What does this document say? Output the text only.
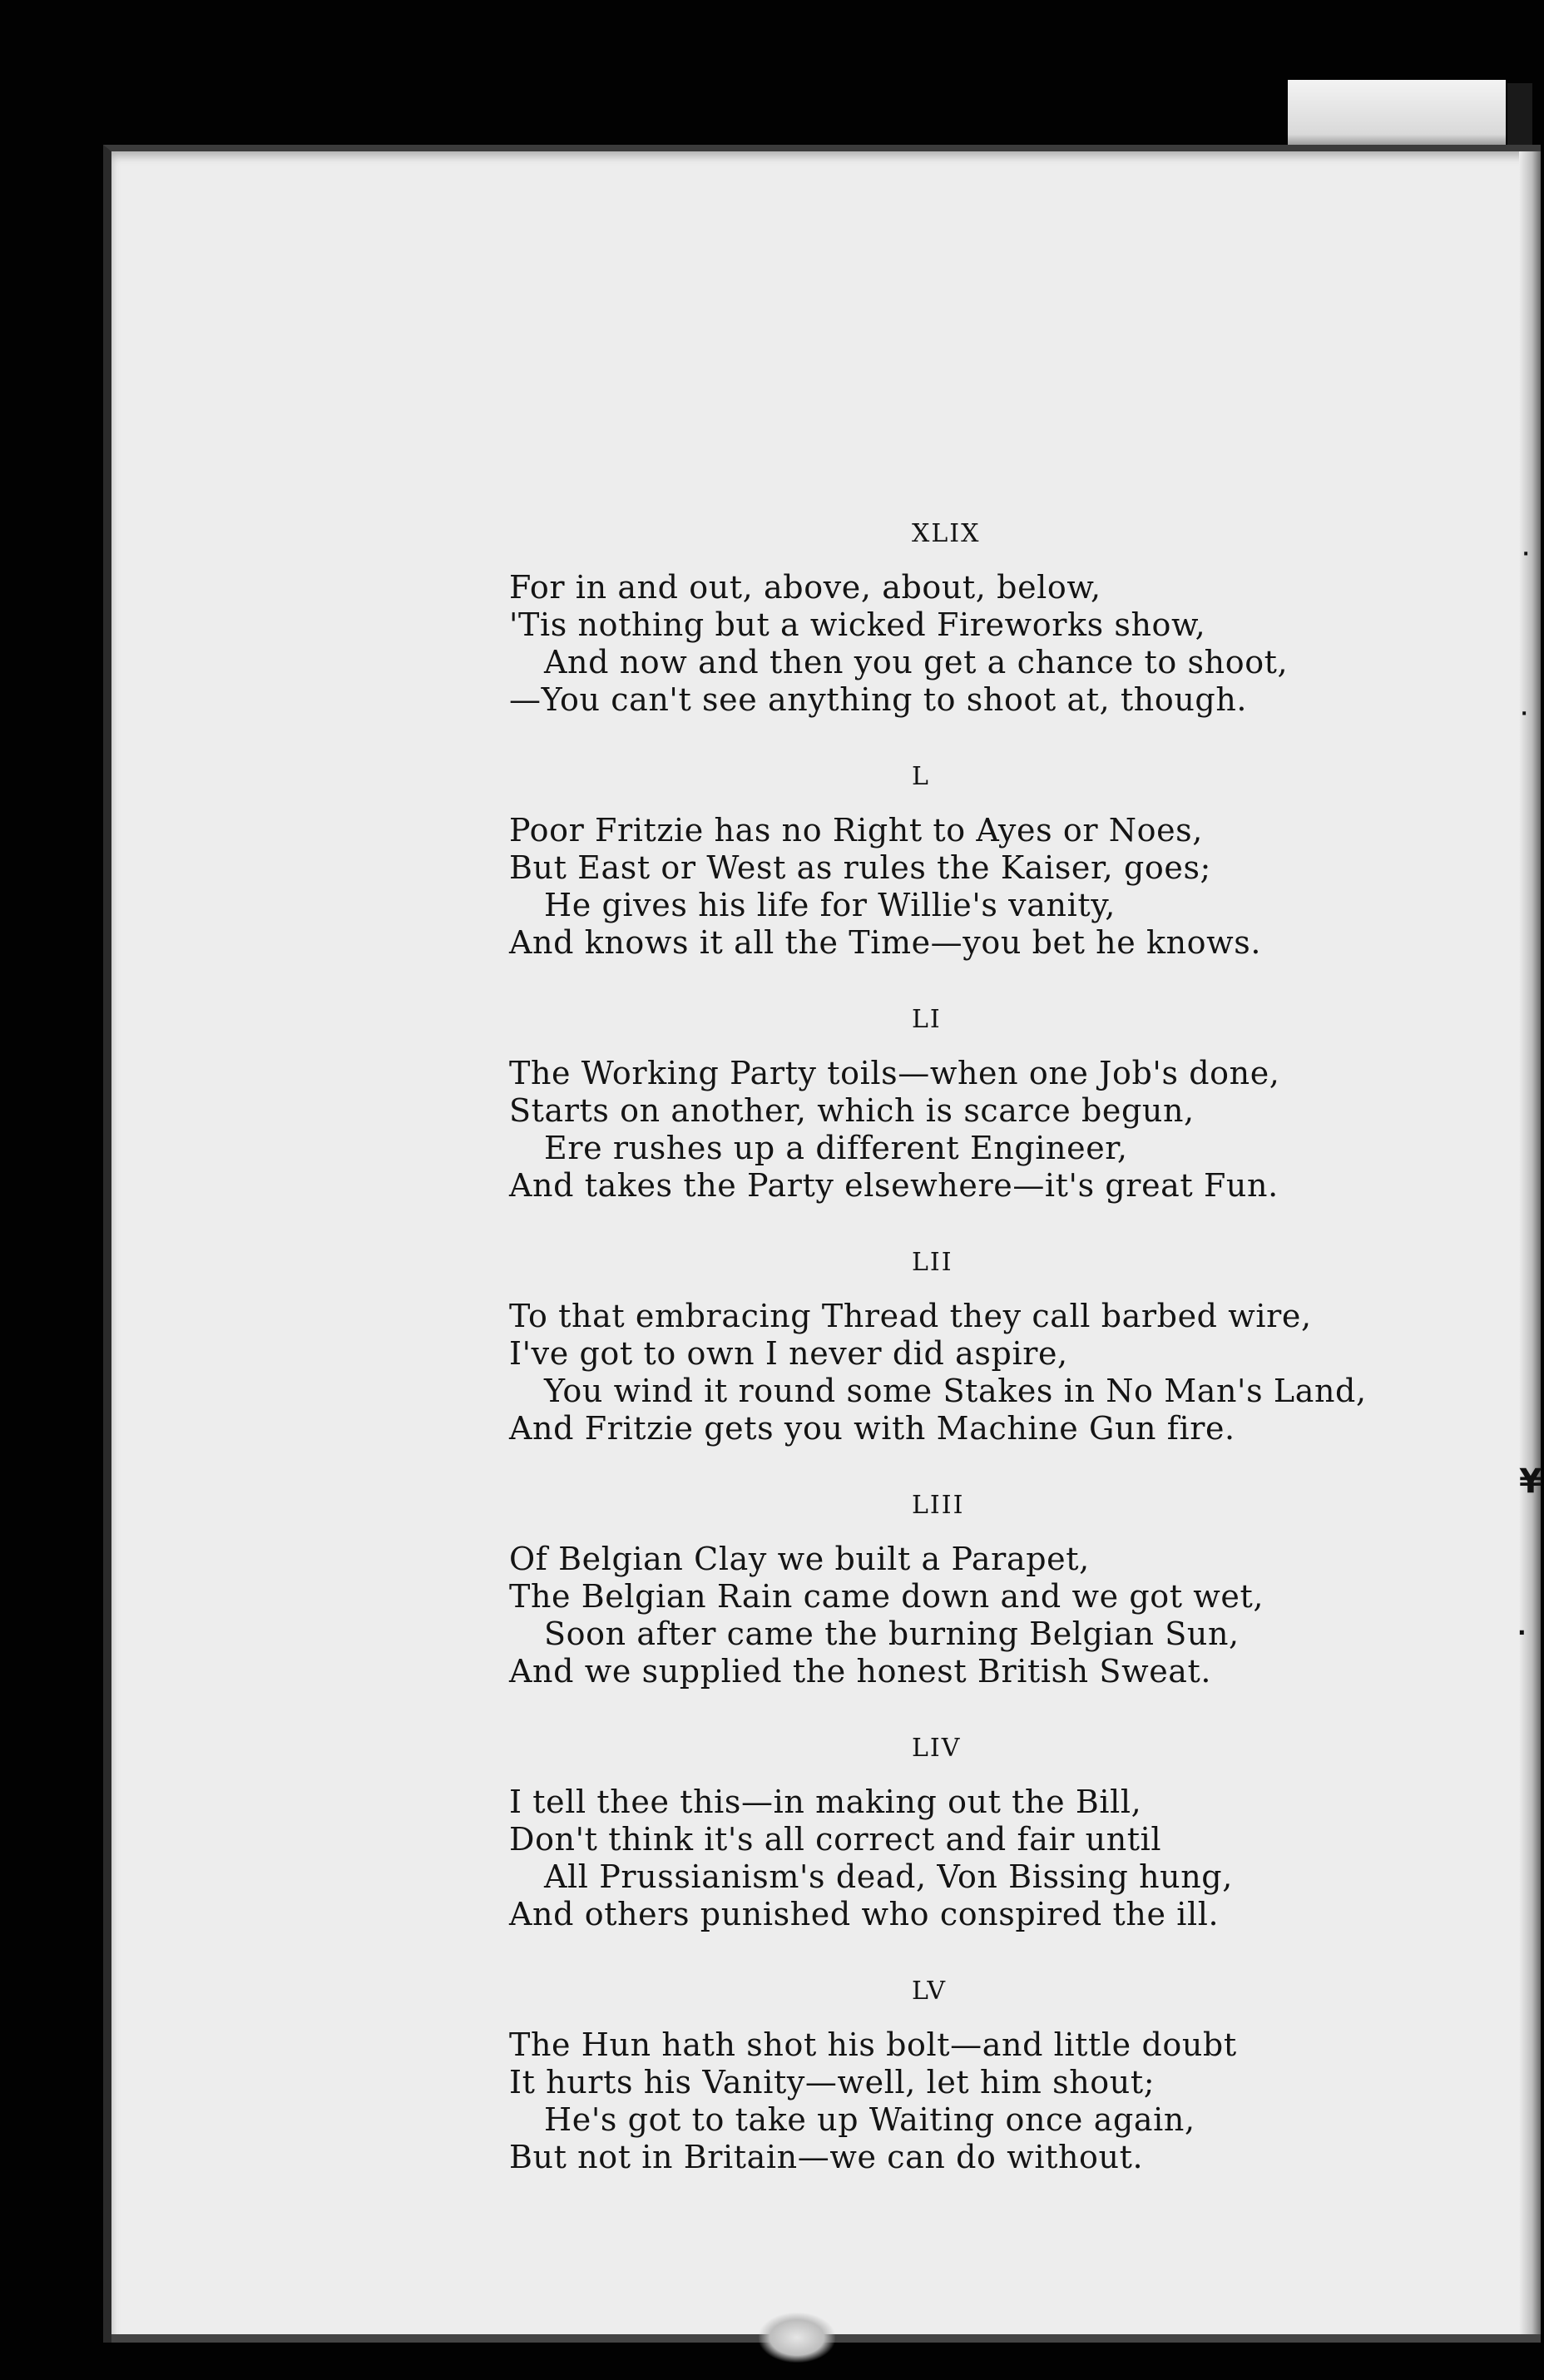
XLIX
For in and out, above, about, below,
'Tis nothing but a wicked Fireworks show,
And now and then you get a chance to shoot,
—You can't see anything to shoot at, though.
L
Poor Fritzie has no Right to Ayes or Noes,
But East or West as rules the Kaiser, goes;
He gives his life for Willie's vanity,
And knows it all the Time—you bet he knows.
LI
The Working Party toils—when one Job's done,
Starts on another, which is scarce begun,
Ere rushes up a different Engineer,
And takes the Party elsewhere—it's great Fun.
LII
To that embracing Thread they call barbed wire,
I've got to own I never did aspire,
You wind it round some Stakes in No Man's Land,
And Fritzie gets you with Machine Gun fire.
LIII
Of Belgian Clay we built a Parapet,
The Belgian Rain came down and we got wet,
Soon after came the burning Belgian Sun,
And we supplied the honest British Sweat.
LIV
I tell thee this—in making out the Bill,
Don't think it's all correct and fair until
All Prussianism's dead, Von Bissing hung,
And others punished who conspired the ill.
LV
The Hun hath shot his bolt—and little doubt
It hurts his Vanity—well, let him shout;
He's got to take up Waiting once again,
But not in Britain—we can do without.
·
·
¥
·
